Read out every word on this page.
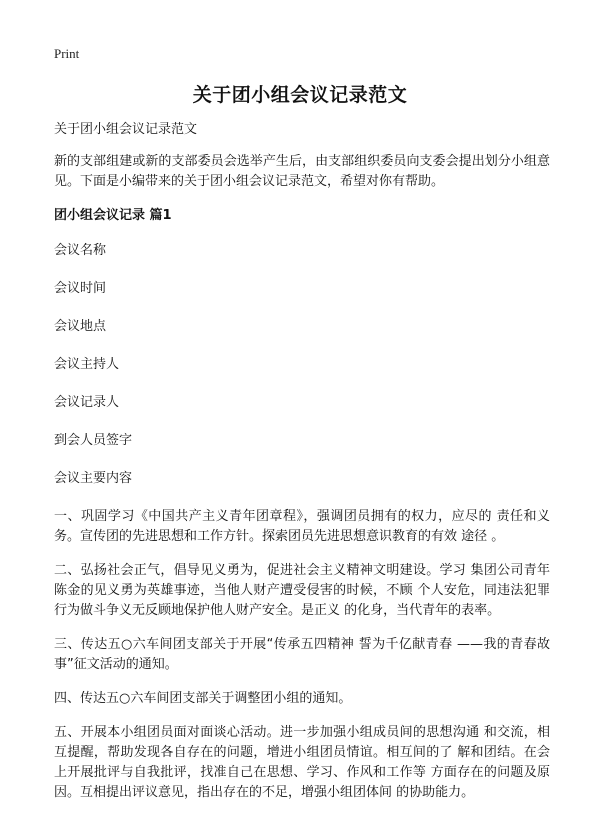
Print
关于团小组会议记录范文

关于团小组会议记录范文

新的支部组建或新的支部委员会选举产生后，由支部组织委员向支委会提出划分小组意见。下面是小编带来的关于团小组会议记录范文，希望对你有帮助。

团小组会议记录 篇1

会议名称

会议时间

会议地点

会议主持人

会议记录人

到会人员签字

会议主要内容

一、巩固学习《中国共产主义青年团章程》，强调团员拥有的权力，应尽的 责任和义务。宣传团的先进思想和工作方针。探索团员先进思想意识教育的有效 途径 。

二、弘扬社会正气，倡导见义勇为，促进社会主义精神文明建设。学习 集团公司青年陈金的见义勇为英雄事迹，当他人财产遭受侵害的时候，不顾 个人安危，同违法犯罪行为做斗争义无反顾地保护他人财产安全。是正义 的化身，当代青年的表率。

三、传达五○六车间团支部关于开展“传承五四精神 誓为千亿献青春 ——我的青春故事”征文活动的通知。

四、传达五○六车间团支部关于调整团小组的通知。

五、开展本小组团员面对面谈心活动。进一步加强小组成员间的思想沟通 和交流，相互提醒，帮助发现各自存在的问题，增进小组团员情谊。相互间的了 解和团结。在会上开展批评与自我批评，找准自己在思想、学习、作风和工作等 方面存在的问题及原因。互相提出评议意见，指出存在的不足，增强小组团体间 的协助能力。
